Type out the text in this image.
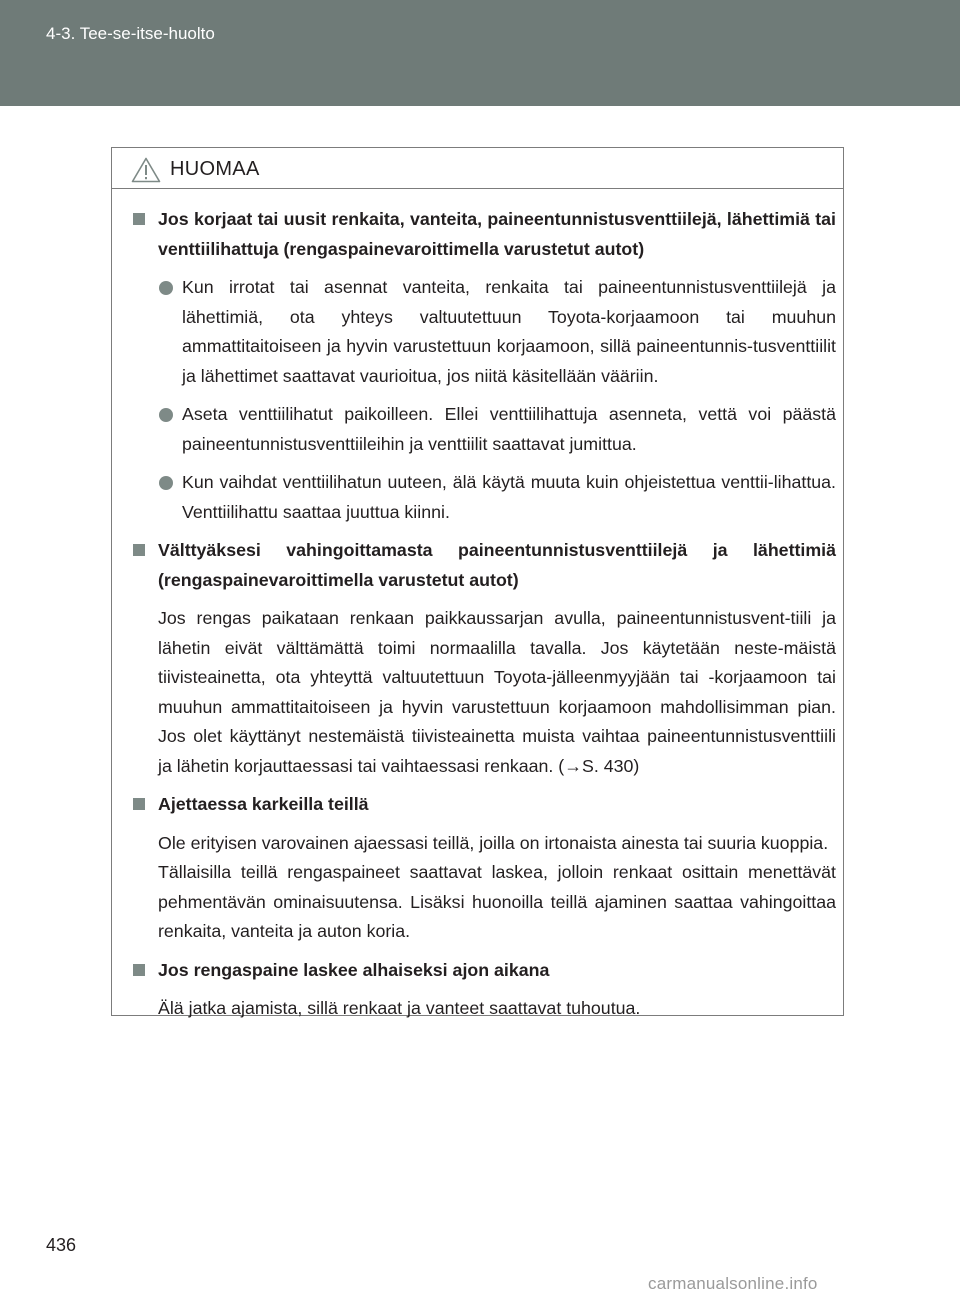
4-3. Tee-se-itse-huolto
HUOMAA
Jos korjaat tai uusit renkaita, vanteita, paineentunnistusventtiilejä, lähettimiä tai venttiilihattuja (rengaspainevaroittimella varustetut autot)
Kun irrotat tai asennat vanteita, renkaita tai paineentunnistusventtiilejä ja lähettimiä, ota yhteys valtuutettuun Toyota-korjaamoon tai muuhun ammattitaitoiseen ja hyvin varustettuun korjaamoon, sillä paineentunnis-tusventtiilit ja lähettimet saattavat vaurioitua, jos niitä käsitellään vääriin.
Aseta venttiilihatut paikoilleen. Ellei venttiilihattuja asenneta, vettä voi päästä paineentunnistusventtiileihin ja venttiilit saattavat jumittua.
Kun vaihdat venttiilihatun uuteen, älä käytä muuta kuin ohjeistettua venttii-lihattua. Venttiilihattu saattaa juuttua kiinni.
Välttyäksesi vahingoittamasta paineentunnistusventtiilejä ja lähettimiä (rengaspainevaroittimella varustetut autot)
Jos rengas paikataan renkaan paikkaussarjan avulla, paineentunnistusvent-tiili ja lähetin eivät välttämättä toimi normaalilla tavalla. Jos käytetään neste-mäistä tiivisteainetta, ota yhteyttä valtuutettuun Toyota-jälleenmyyjään tai -korjaamoon tai muuhun ammattitaitoiseen ja hyvin varustettuun korjaamoon mahdollisimman pian. Jos olet käyttänyt nestemäistä tiivisteainetta muista vaihtaa paineentunnistusventtiili ja lähetin korjauttaessasi tai vaihtaessasi renkaan. (→S. 430)
Ajettaessa karkeilla teillä
Ole erityisen varovainen ajaessasi teillä, joilla on irtonaista ainesta tai suuria kuoppia.
Tällaisilla teillä rengaspaineet saattavat laskea, jolloin renkaat osittain menettävät pehmentävän ominaisuutensa. Lisäksi huonoilla teillä ajaminen saattaa vahingoittaa renkaita, vanteita ja auton koria.
Jos rengaspaine laskee alhaiseksi ajon aikana
Älä jatka ajamista, sillä renkaat ja vanteet saattavat tuhoutua.
436
carmanualsonline.info
